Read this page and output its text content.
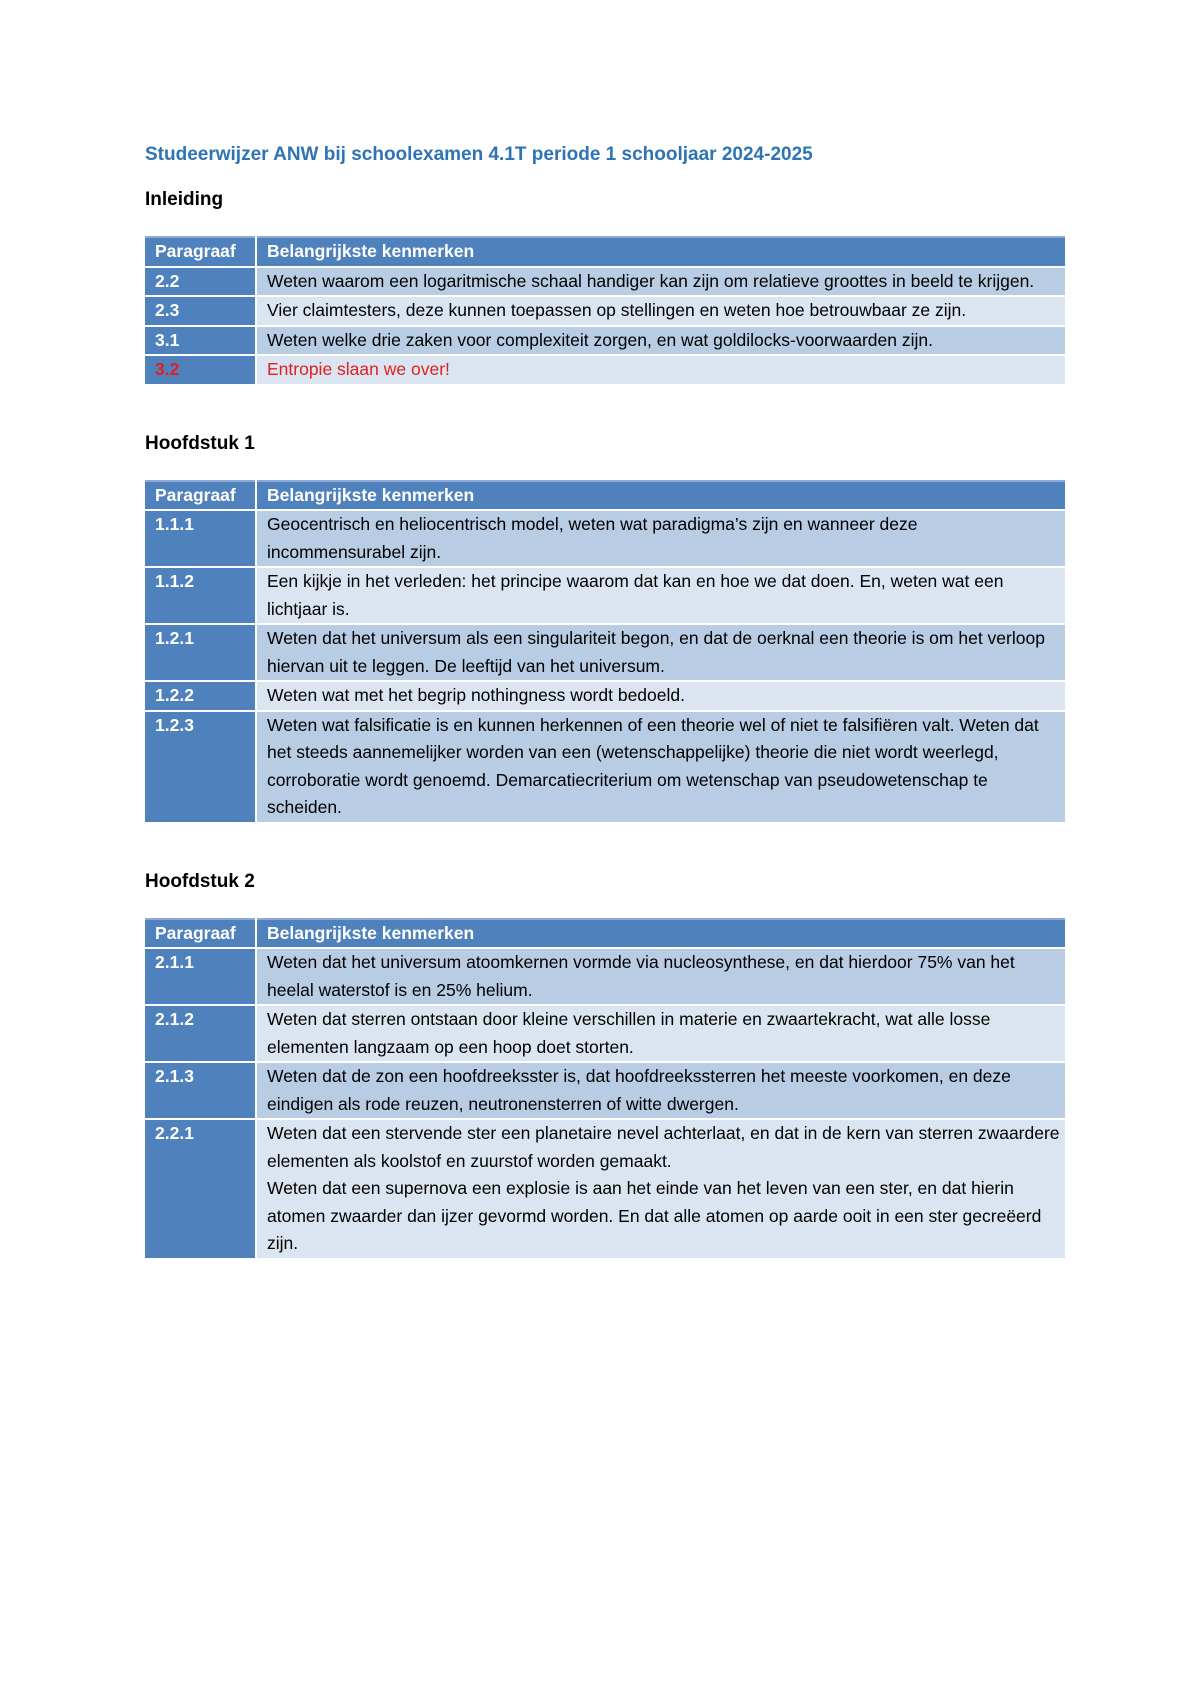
Studeerwijzer ANW bij schoolexamen 4.1T periode 1 schooljaar 2024-2025
Inleiding
Paragraaf	Belangrijkste kenmerken
2.2	Weten waarom een logaritmische schaal handiger kan zijn om relatieve groottes in beeld te krijgen.
2.3	Vier claimtesters, deze kunnen toepassen op stellingen en weten hoe betrouwbaar ze zijn.
3.1	Weten welke drie zaken voor complexiteit zorgen, en wat goldilocks-voorwaarden zijn.
3.2	Entropie slaan we over!
Hoofdstuk 1
Paragraaf	Belangrijkste kenmerken
1.1.1	Geocentrisch en heliocentrisch model, weten wat paradigma’s zijn en wanneer deze incommensurabel zijn.
1.1.2	Een kijkje in het verleden: het principe waarom dat kan en hoe we dat doen. En, weten wat een lichtjaar is.
1.2.1	Weten dat het universum als een singulariteit begon, en dat de oerknal een theorie is om het verloop hiervan uit te leggen. De leeftijd van het universum.
1.2.2	Weten wat met het begrip nothingness wordt bedoeld.
1.2.3	Weten wat falsificatie is en kunnen herkennen of een theorie wel of niet te falsifiëren valt. Weten dat het steeds aannemelijker worden van een (wetenschappelijke) theorie die niet wordt weerlegd, corroboratie wordt genoemd. Demarcatiecriterium om wetenschap van pseudowetenschap te scheiden.
Hoofdstuk 2
Paragraaf	Belangrijkste kenmerken
2.1.1	Weten dat het universum atoomkernen vormde via nucleosynthese, en dat hierdoor 75% van het heelal waterstof is en 25% helium.
2.1.2	Weten dat sterren ontstaan door kleine verschillen in materie en zwaartekracht, wat alle losse elementen langzaam op een hoop doet storten.
2.1.3	Weten dat de zon een hoofdreeksster is, dat hoofdreekssterren het meeste voorkomen, en deze eindigen als rode reuzen, neutronensterren of witte dwergen.
2.2.1	Weten dat een stervende ster een planetaire nevel achterlaat, en dat in de kern van sterren zwaardere elementen als koolstof en zuurstof worden gemaakt.
Weten dat een supernova een explosie is aan het einde van het leven van een ster, en dat hierin atomen zwaarder dan ijzer gevormd worden. En dat alle atomen op aarde ooit in een ster gecreëerd zijn.
